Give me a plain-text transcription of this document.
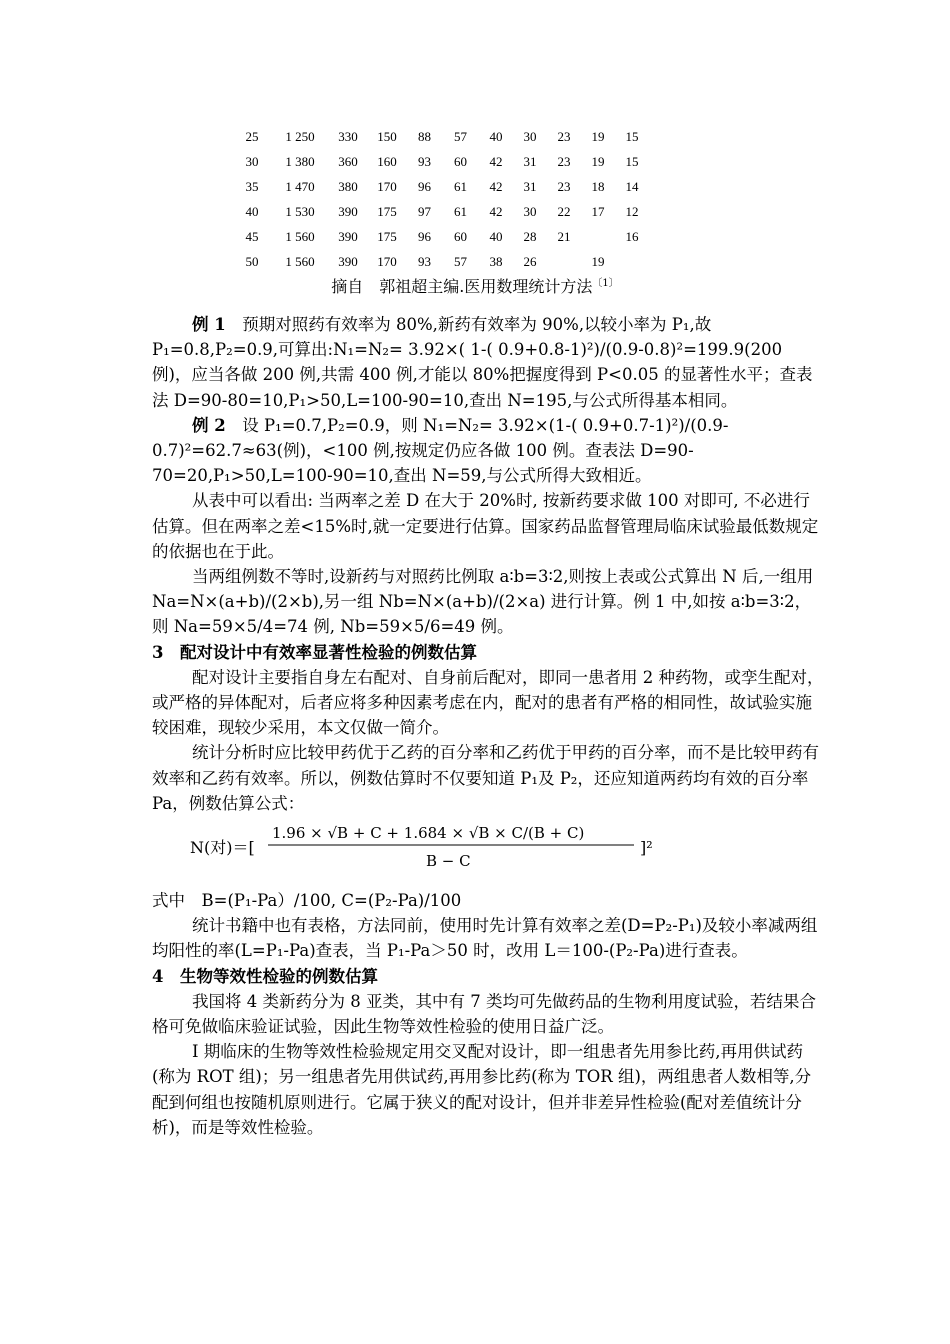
25	1 250	330	150	88	57	40	30	23	19	15
30	1 380	360	160	93	60	42	31	23	19	15
35	1 470	380	170	96	61	42	31	23	18	14
40	1 530	390	175	97	61	42	30	22	17	12
45	1 560	390	175	96	60	40	28	21		16
50	1 560	390	170	93	57	38	26		19	
摘自　郭祖超主编.医用数理统计方法$^{〔1〕}$

例 1　预期对照药有效率为 80%,新药有效率为 90%,以较小率为 P₁,故 P₁=0.8,P₂=0.9,可算出:N₁=N₂= 3.92×( 1-( 0.9+0.8-1)²)/(0.9-0.8)²=199.9(200 例)，应当各做 200 例,共需 400 例,才能以 80%把握度得到 P<0.05 的显著性水平；查表法 D=90-80=10,P₁>50,L=100-90=10,查出 N=195,与公式所得基本相同。

例 2　设 P₁=0.7,P₂=0.9，则 N₁=N₂= 3.92×(1-( 0.9+0.7-1)²)/(0.9-0.7)²=62.7≈63(例)，<100 例,按规定仍应各做 100 例。查表法 D=90-70=20,P₁>50,L=100-90=10,查出 N=59,与公式所得大致相近。

从表中可以看出: 当两率之差 D 在大于 20%时, 按新药要求做 100 对即可, 不必进行估算。但在两率之差<15%时,就一定要进行估算。国家药品监督管理局临床试验最低数规定的依据也在于此。

当两组例数不等时,设新药与对照药比例取 a∶b=3∶2,则按上表或公式算出 N 后,一组用 Na=N×(a+b)/(2×b),另一组 Nb=N×(a+b)/(2×a) 进行计算。例 1 中,如按 a∶b=3∶2，则 Na=59×5/4=74 例, Nb=59×5/6=49 例。

3　配对设计中有效率显著性检验的例数估算

配对设计主要指自身左右配对、自身前后配对，即同一患者用 2 种药物，或孪生配对，或严格的异体配对，后者应将多种因素考虑在内，配对的患者有严格的相同性，故试验实施较困难，现较少采用，本文仅做一简介。

统计分析时应比较甲药优于乙药的百分率和乙药优于甲药的百分率，而不是比较甲药有效率和乙药有效率。所以，例数估算时不仅要知道 P₁及 P₂，还应知道两药均有效的百分率 Pa，例数估算公式：

N(对)＝[
1.96 × √B + C + 1.684 × √B × C/(B + C)
B − C
]²

式中　B=(P₁-Pa）/100, C=(P₂-Pa)/100

统计书籍中也有表格，方法同前，使用时先计算有效率之差(D=P₂-P₁)及较小率减两组均阳性的率(L=P₁-Pa)查表，当 P₁-Pa＞50 时，改用 L＝100-(P₂-Pa)进行查表。

4　生物等效性检验的例数估算

我国将 4 类新药分为 8 亚类，其中有 7 类均可先做药品的生物利用度试验，若结果合格可免做临床验证试验，因此生物等效性检验的使用日益广泛。

I 期临床的生物等效性检验规定用交叉配对设计，即一组患者先用参比药,再用供试药(称为 ROT 组)；另一组患者先用供试药,再用参比药(称为 TOR 组)，两组患者人数相等,分配到何组也按随机原则进行。它属于狭义的配对设计，但并非差异性检验(配对差值统计分析)，而是等效性检验。
